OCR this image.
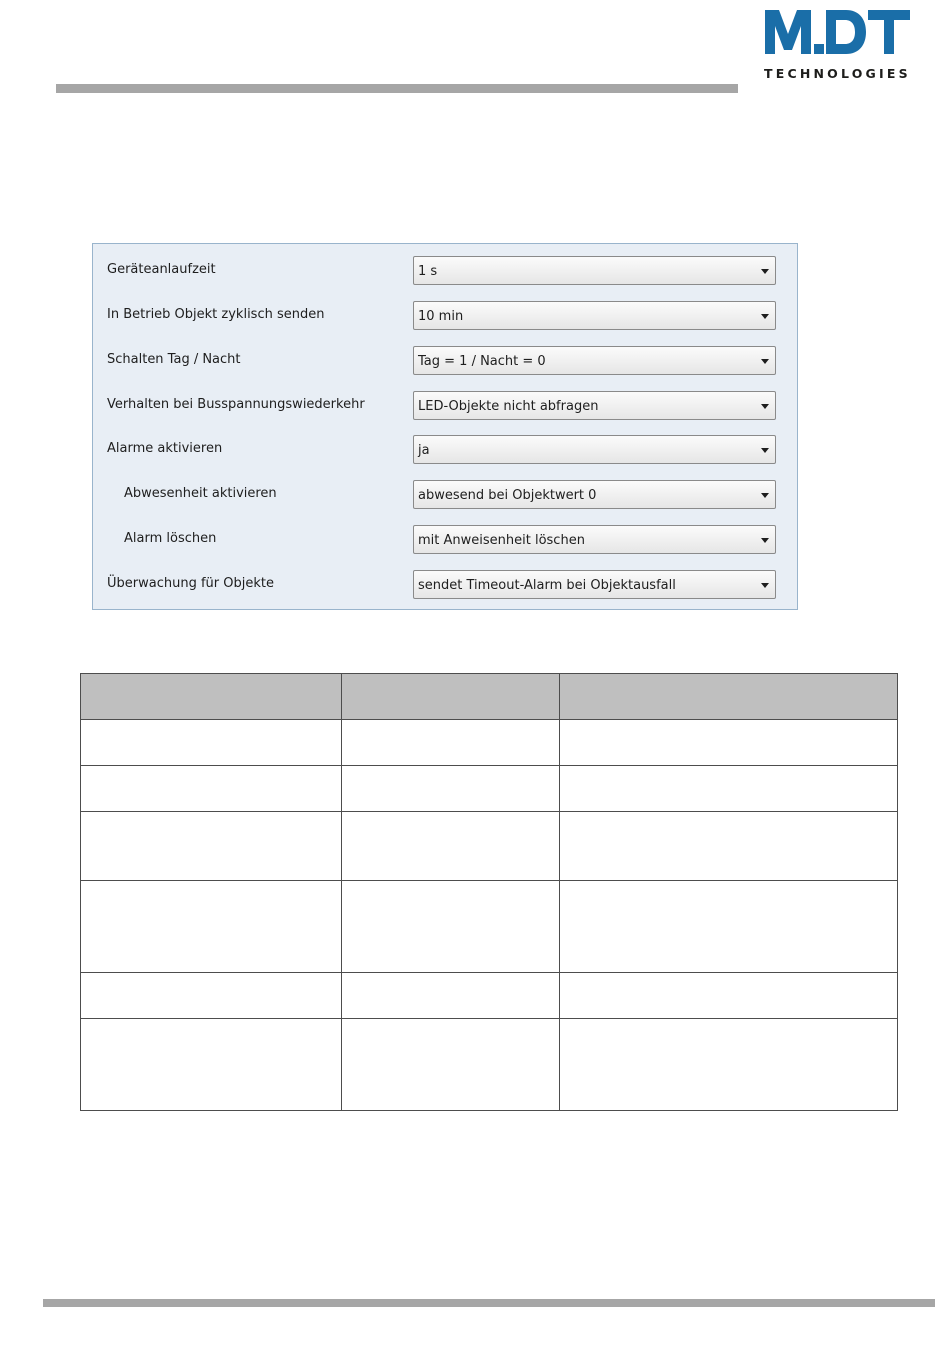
TECHNOLOGIES
Geräteanlaufzeit	1 s
In Betrieb Objekt zyklisch senden	10 min
Schalten Tag / Nacht	Tag = 1 / Nacht = 0
Verhalten bei Busspannungswiederkehr	LED-Objekte nicht abfragen
Alarme aktivieren	ja
Abwesenheit aktivieren	abwesend bei Objektwert 0
Alarm löschen	mit Anweisenheit löschen
Überwachung für Objekte	sendet Timeout-Alarm bei Objektausfall
